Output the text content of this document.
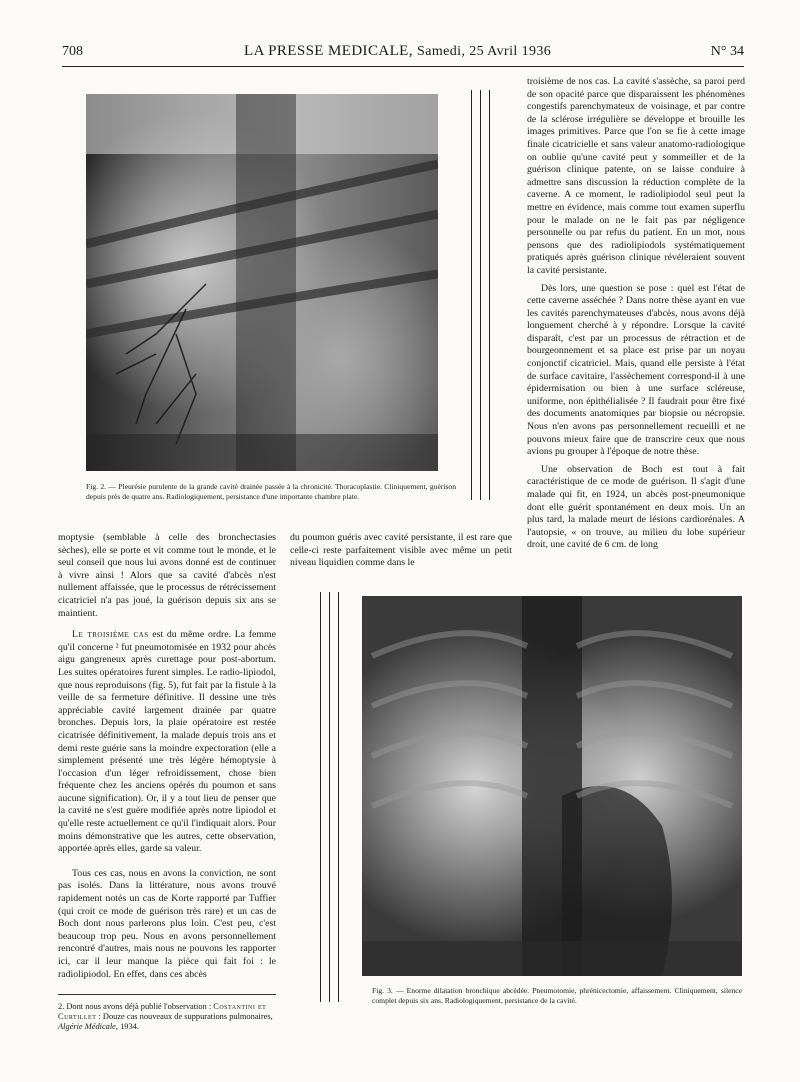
708	LA PRESSE MEDICALE, Samedi, 25 Avril 1936	N° 34
Fig. 2. — Pleurésie purulente de la grande cavité drainée passée à la chronicité. Thoracoplastie. Cliniquement, guérison depuis près de quatre ans. Radiologiquement, persistance d'une importante chambre plate.

troisième de nos cas. La cavité s'assèche, sa paroi perd de son opacité parce que disparaissent les phénomènes congestifs parenchymateux de voisinage, et par contre de la sclérose irrégulière se développe et brouille les images primitives. Parce que l'on se fie à cette image finale cicatricielle et sans valeur anatomo-radiologique on oublie qu'une cavité peut y sommeiller et de la guérison clinique patente, on se laisse conduire à admettre sans discussion la réduction complète de la caverne. A ce moment, le radiolipiodol seul peut la mettre en évidence, mais comme tout examen superflu pour le malade on ne le fait pas par négligence personnelle ou par refus du patient. En un mot, nous pensons que des radiolipiodols systématiquement pratiqués après guérison clinique révéleraient souvent la cavité persistante.

Dès lors, une question se pose : quel est l'état de cette caverne asséchée ? Dans notre thèse ayant en vue les cavités parenchymateuses d'abcès, nous avons déjà longuement cherché à y répondre. Lorsque la cavité disparaît, c'est par un processus de rétraction et de bourgeonnement et sa place est prise par un noyau conjonctif cicatriciel. Mais, quand elle persiste à l'état de surface cavitaire, l'assèchement correspond-il à une épidermisation ou bien à une surface scléreuse, uniforme, non épithélialisée ? Il faudrait pour être fixé des documents anatomiques par biopsie ou nécropsie. Nous n'en avons pas personnellement recueilli et ne pouvons mieux faire que de transcrire ceux que nous avions pu grouper à l'époque de notre thèse.

Une observation de Boch est tout à fait caractéristique de ce mode de guérison. Il s'agit d'une malade qui fit, en 1924, un abcès post-pneumonique dont elle guérit spontanément en deux mois. Un an plus tard, la malade meurt de lésions cardiorénales. A l'autopsie, « on trouve, au milieu du lobe supérieur droit, une cavité de 6 cm. de long

moptysie (semblable à celle des bronchectasies sèches), elle se porte et vit comme tout le monde, et le seul conseil que nous lui avons donné est de continuer à vivre ainsi ! Alors que sa cavité d'abcès n'est nullement affaissée, que le processus de rétrécissement cicatriciel n'a pas joué, la guérison depuis six ans se maintient.

Le troisième cas est du même ordre. La femme qu'il concerne ² fut pneumotomisée en 1932 pour abcès aigu gangreneux après curettage pour post-abortum. Les suites opératoires furent simples. Le radio-lipiodol, que nous reproduisons (fig. 5), fut fait par la fistule à la veille de sa fermeture définitive. Il dessine une très appréciable cavité largement drainée par quatre bronches. Depuis lors, la plaie opératoire est restée cicatrisée définitivement, la malade depuis trois ans et demi reste guérie sans la moindre expectoration (elle a simplement présenté une très légère hémoptysie à l'occasion d'un léger refroidissement, chose bien fréquente chez les anciens opérés du poumon et sans aucune signification). Or, il y a tout lieu de penser que la cavité ne s'est guère modifiée après notre lipiodol et qu'elle reste actuellement ce qu'il l'indiquait alors. Pour moins démonstrative que les autres, cette observation, apportée après elles, garde sa valeur.

Tous ces cas, nous en avons la conviction, ne sont pas isolés. Dans la littérature, nous avons trouvé rapidement notés un cas de Korte rapporté par Tuffier (qui croit ce mode de guérison très rare) et un cas de Boch dont nous parlerons plus loin. C'est peu, c'est beaucoup trop peu. Nous en avons personnellement rencontré d'autres, mais nous ne pouvons les rapporter ici, car il leur manque la pièce qui fait foi : le radiolipiodol. En effet, dans ces abcès

du poumon guéris avec cavité persistante, il est rare que celle-ci reste parfaitement visible avec même un petit niveau liquidien comme dans le

Fig. 3. — Enorme dilatation bronchique abcédée. Pneumotomie, phrénicectomie, affaissement. Cliniquement, silence complet depuis six ans. Radiologiquement, persistance de la cavité.
2. Dont nous avons déjà publié l'observation : Costantini et Curtillet : Douze cas nouveaux de suppurations pulmonaires, Algérie Médicale, 1934.
